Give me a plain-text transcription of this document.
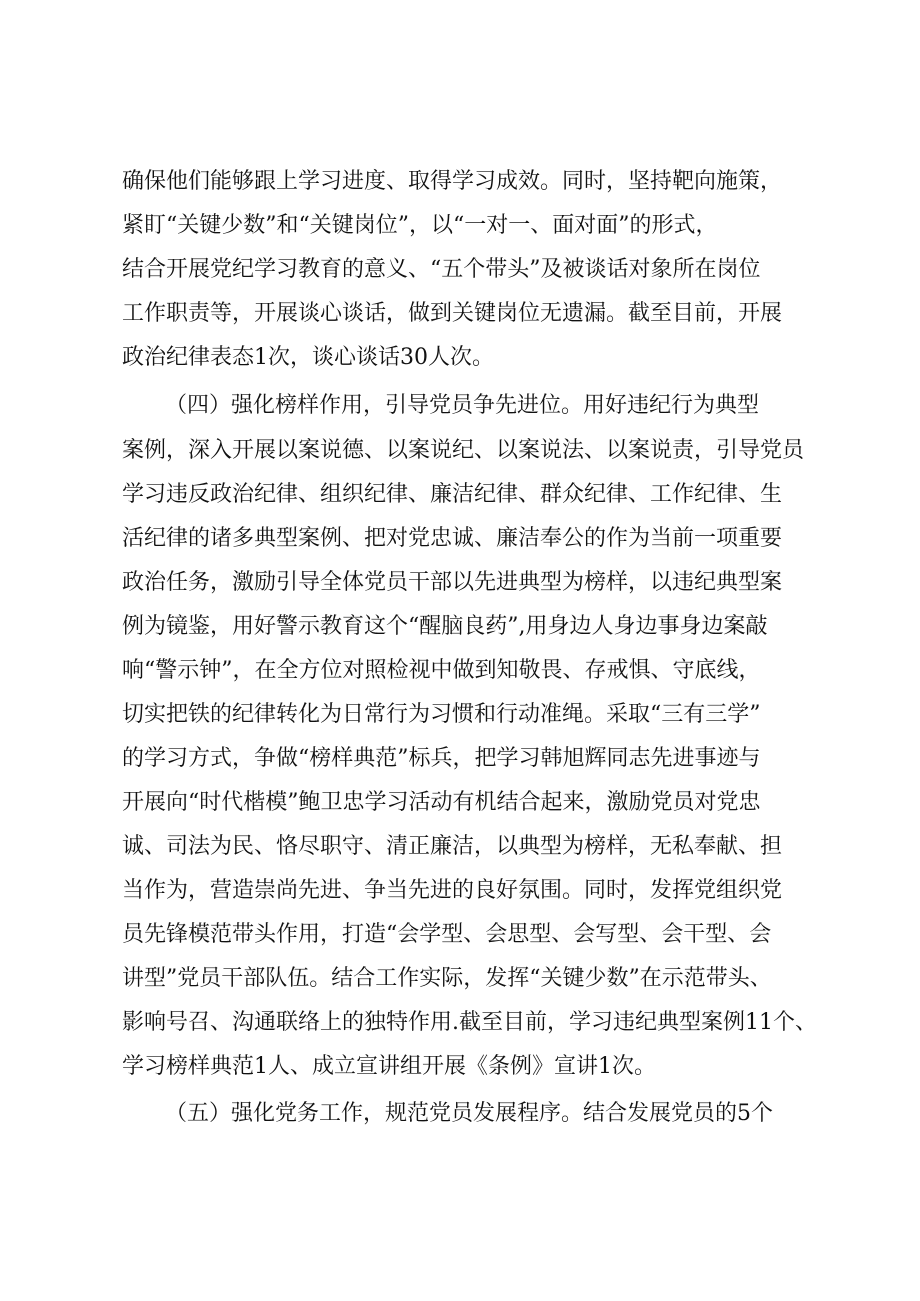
确保他们能够跟上学习进度、取得学习成效。同时，坚持靶向施策，
紧盯“关键少数”和“关键岗位”，以“一对一、面对面”的形式，
结合开展党纪学习教育的意义、“五个带头”及被谈话对象所在岗位
工作职责等，开展谈心谈话，做到关键岗位无遗漏。截至目前，开展
政治纪律表态1次，谈心谈话30人次。
（四）强化榜样作用，引导党员争先进位。用好违纪行为典型
案例，深入开展以案说德、以案说纪、以案说法、以案说责，引导党员
学习违反政治纪律、组织纪律、廉洁纪律、群众纪律、工作纪律、生
活纪律的诸多典型案例、把对党忠诚、廉洁奉公的作为当前一项重要
政治任务，激励引导全体党员干部以先进典型为榜样，以违纪典型案
例为镜鉴，用好警示教育这个“醒脑良药”,用身边人身边事身边案敲
响“警示钟”，在全方位对照检视中做到知敬畏、存戒惧、守底线，
切实把铁的纪律转化为日常行为习惯和行动准绳。采取“三有三学”
的学习方式，争做“榜样典范”标兵，把学习韩旭辉同志先进事迹与
开展向“时代楷模”鲍卫忠学习活动有机结合起来，激励党员对党忠
诚、司法为民、恪尽职守、清正廉洁，以典型为榜样，无私奉献、担
当作为，营造崇尚先进、争当先进的良好氛围。同时，发挥党组织党
员先锋模范带头作用，打造“会学型、会思型、会写型、会干型、会
讲型”党员干部队伍。结合工作实际，发挥“关键少数”在示范带头、
影响号召、沟通联络上的独特作用.截至目前，学习违纪典型案例11个、
学习榜样典范1人、成立宣讲组开展《条例》宣讲1次。
（五）强化党务工作，规范党员发展程序。结合发展党员的5个
